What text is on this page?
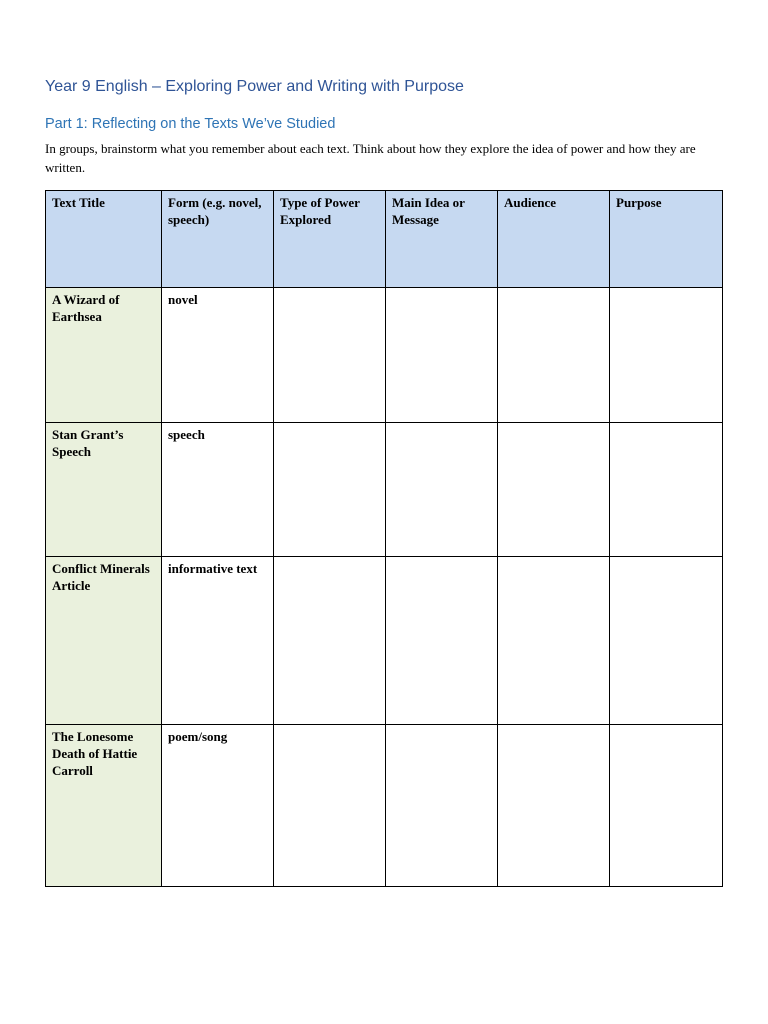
Year 9 English – Exploring Power and Writing with Purpose
Part 1: Reflecting on the Texts We’ve Studied

In groups, brainstorm what you remember about each text. Think about how they explore the idea of power and how they are written.

Text Title	Form (e.g. novel, speech)	Type of Power Explored	Main Idea or Message	Audience	Purpose
A Wizard of Earthsea	novel				
Stan Grant’s Speech	speech				
Conflict Minerals Article	informative text				
The Lonesome Death of Hattie Carroll	poem/song				
